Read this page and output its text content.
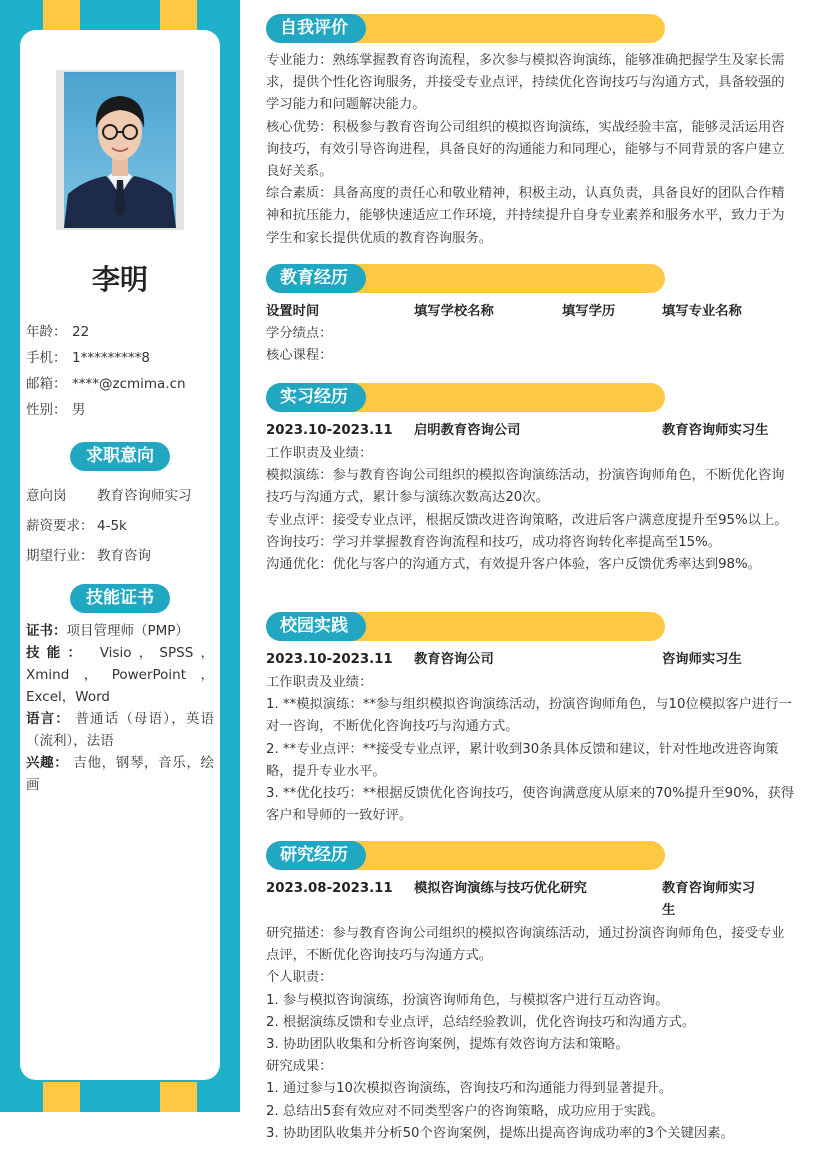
李明
年龄： 22
手机： 1*********8
邮箱： ****@zcmima.cn
性别： 男
求职意向
意向岗 教育咨询师实习
薪资要求： 4-5k
期望行业： 教育咨询
技能证书
证书：项目管理师（PMP）
技能： Visio，SPSS，Xmind，PowerPoint，Excel，Word
语言： 普通话（母语），英语（流利），法语
兴趣： 吉他，钢琴，音乐，绘画
自我评价
专业能力：熟练掌握教育咨询流程，多次参与模拟咨询演练，能够准确把握学生及家长需求，提供个性化咨询服务，并接受专业点评，持续优化咨询技巧与沟通方式，具备较强的学习能力和问题解决能力。
核心优势：积极参与教育咨询公司组织的模拟咨询演练，实战经验丰富，能够灵活运用咨询技巧，有效引导咨询进程，具备良好的沟通能力和同理心，能够与不同背景的客户建立良好关系。
综合素质：具备高度的责任心和敬业精神，积极主动，认真负责，具备良好的团队合作精神和抗压能力，能够快速适应工作环境，并持续提升自身专业素养和服务水平，致力于为学生和家长提供优质的教育咨询服务。
教育经历
设置时间	填写学校名称	填写学历	填写专业名称
学分绩点：
核心课程：
实习经历
2023.10-2023.11	启明教育咨询公司	教育咨询师实习生
工作职责及业绩：
模拟演练：参与教育咨询公司组织的模拟咨询演练活动，扮演咨询师角色，不断优化咨询技巧与沟通方式，累计参与演练次数高达20次。
专业点评：接受专业点评，根据反馈改进咨询策略，改进后客户满意度提升至95%以上。
咨询技巧：学习并掌握教育咨询流程和技巧，成功将咨询转化率提高至15%。
沟通优化：优化与客户的沟通方式，有效提升客户体验，客户反馈优秀率达到98%。
校园实践
2023.10-2023.11	教育咨询公司	咨询师实习生
工作职责及业绩：
1. **模拟演练：**参与组织模拟咨询演练活动，扮演咨询师角色，与10位模拟客户进行一对一咨询，不断优化咨询技巧与沟通方式。
2. **专业点评：**接受专业点评，累计收到30条具体反馈和建议，针对性地改进咨询策略，提升专业水平。
3. **优化技巧：**根据反馈优化咨询技巧，使咨询满意度从原来的70%提升至90%，获得客户和导师的一致好评。
研究经历
2023.08-2023.11	模拟咨询演练与技巧优化研究	教育咨询师实习生
研究描述：参与教育咨询公司组织的模拟咨询演练活动，通过扮演咨询师角色，接受专业点评，不断优化咨询技巧与沟通方式。
个人职责：
1. 参与模拟咨询演练，扮演咨询师角色，与模拟客户进行互动咨询。
2. 根据演练反馈和专业点评，总结经验教训，优化咨询技巧和沟通方式。
3. 协助团队收集和分析咨询案例，提炼有效咨询方法和策略。
研究成果：
1. 通过参与10次模拟咨询演练，咨询技巧和沟通能力得到显著提升。
2. 总结出5套有效应对不同类型客户的咨询策略，成功应用于实践。
3. 协助团队收集并分析50个咨询案例，提炼出提高咨询成功率的3个关键因素。
